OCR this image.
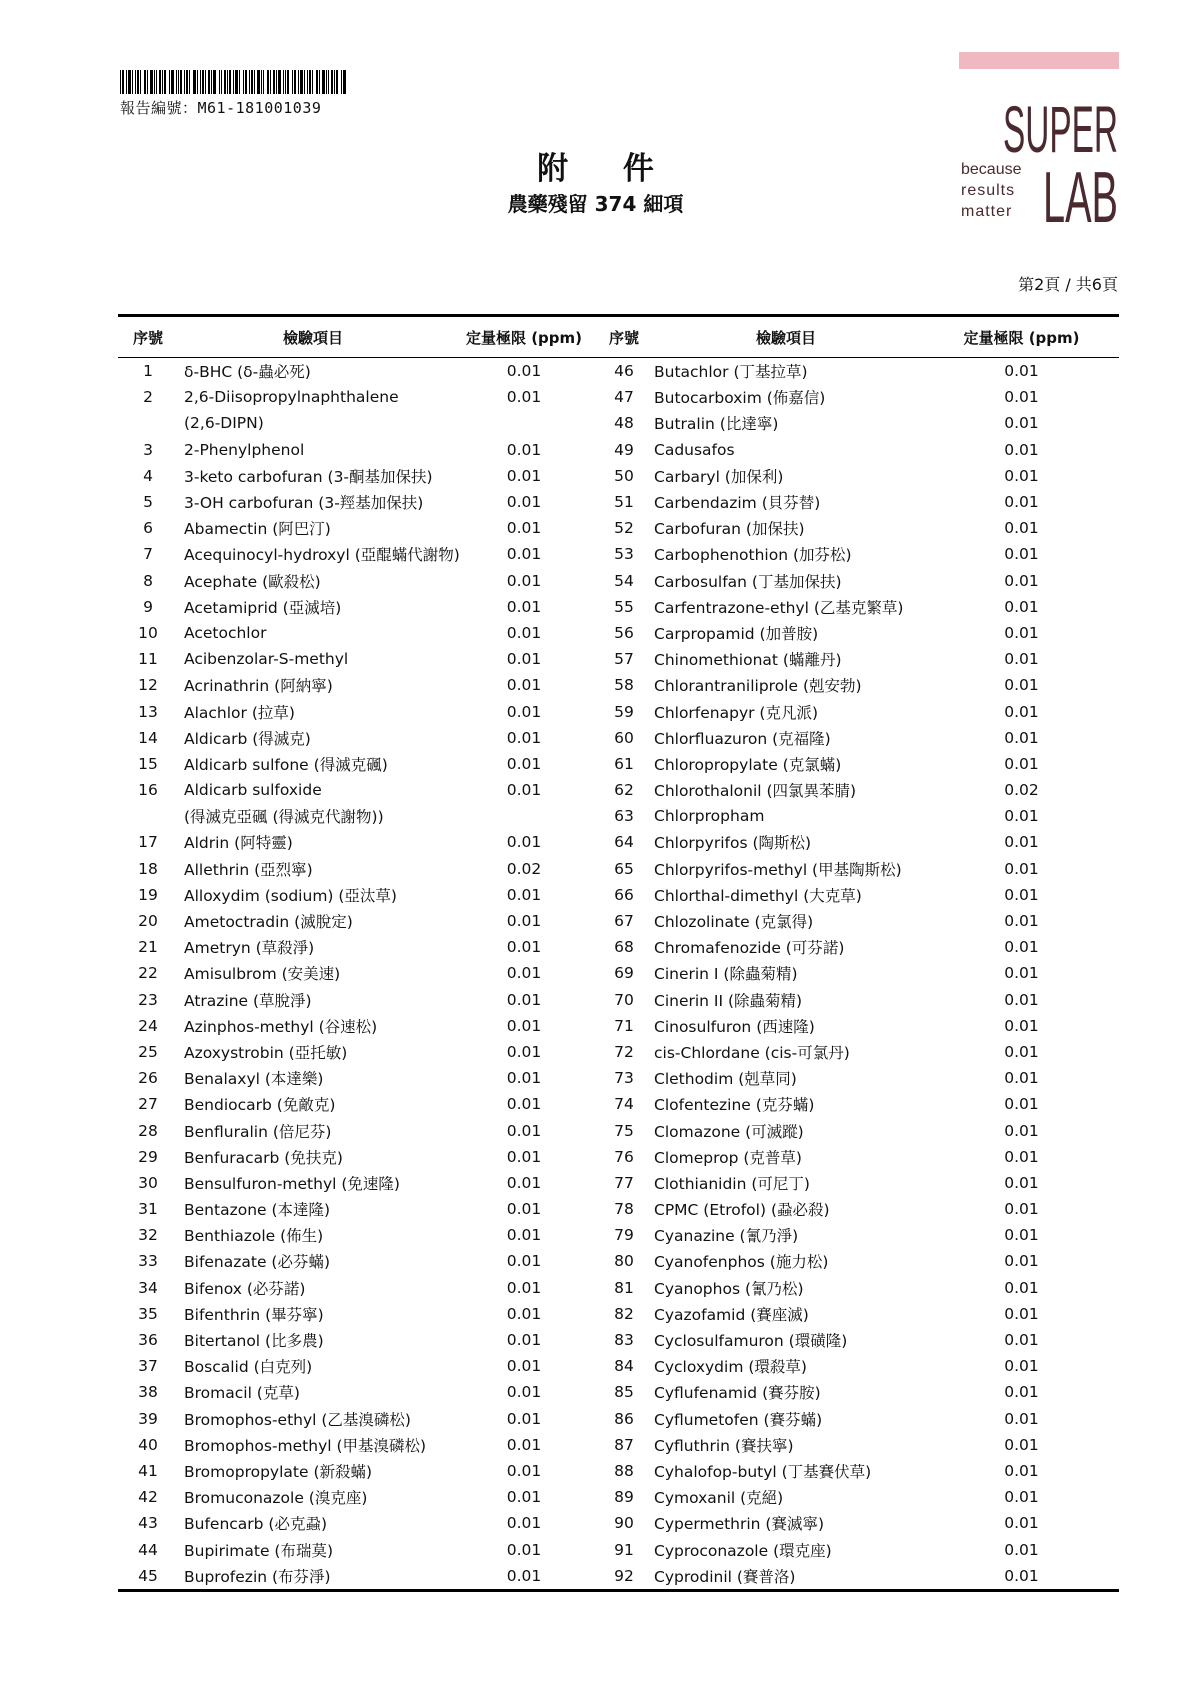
報告編號：M61-181001039
附 件
農藥殘留 374 細項
SUPER
LAB
because
results
matter
第2頁 / 共6頁
序號	檢驗項目	定量極限 (ppm)	序號	檢驗項目	定量極限 (ppm)
1	δ-BHC (δ-蟲必死)	0.01	46	Butachlor (丁基拉草)	0.01
2	2,6-Diisopropylnaphthalene	0.01	47	Butocarboxim (佈嘉信)	0.01
	(2,6-DIPN)		48	Butralin (比達寧)	0.01
3	2-Phenylphenol	0.01	49	Cadusafos	0.01
4	3-keto carbofuran (3-酮基加保扶)	0.01	50	Carbaryl (加保利)	0.01
5	3-OH carbofuran (3-羥基加保扶)	0.01	51	Carbendazim (貝芬替)	0.01
6	Abamectin (阿巴汀)	0.01	52	Carbofuran (加保扶)	0.01
7	Acequinocyl-hydroxyl (亞醌蟎代謝物)	0.01	53	Carbophenothion (加芬松)	0.01
8	Acephate (歐殺松)	0.01	54	Carbosulfan (丁基加保扶)	0.01
9	Acetamiprid (亞滅培)	0.01	55	Carfentrazone-ethyl (乙基克繁草)	0.01
10	Acetochlor	0.01	56	Carpropamid (加普胺)	0.01
11	Acibenzolar-S-methyl	0.01	57	Chinomethionat (蟎離丹)	0.01
12	Acrinathrin (阿納寧)	0.01	58	Chlorantraniliprole (剋安勃)	0.01
13	Alachlor (拉草)	0.01	59	Chlorfenapyr (克凡派)	0.01
14	Aldicarb (得滅克)	0.01	60	Chlorfluazuron (克福隆)	0.01
15	Aldicarb sulfone (得滅克碸)	0.01	61	Chloropropylate (克氯蟎)	0.01
16	Aldicarb sulfoxide	0.01	62	Chlorothalonil (四氯異苯腈)	0.02
	(得滅克亞碸 (得滅克代謝物))		63	Chlorpropham	0.01
17	Aldrin (阿特靈)	0.01	64	Chlorpyrifos (陶斯松)	0.01
18	Allethrin (亞烈寧)	0.02	65	Chlorpyrifos-methyl (甲基陶斯松)	0.01
19	Alloxydim (sodium) (亞汰草)	0.01	66	Chlorthal-dimethyl (大克草)	0.01
20	Ametoctradin (滅脫定)	0.01	67	Chlozolinate (克氯得)	0.01
21	Ametryn (草殺淨)	0.01	68	Chromafenozide (可芬諾)	0.01
22	Amisulbrom (安美速)	0.01	69	Cinerin I (除蟲菊精)	0.01
23	Atrazine (草脫淨)	0.01	70	Cinerin II (除蟲菊精)	0.01
24	Azinphos-methyl (谷速松)	0.01	71	Cinosulfuron (西速隆)	0.01
25	Azoxystrobin (亞托敏)	0.01	72	cis-Chlordane (cis-可氯丹)	0.01
26	Benalaxyl (本達樂)	0.01	73	Clethodim (剋草同)	0.01
27	Bendiocarb (免敵克)	0.01	74	Clofentezine (克芬蟎)	0.01
28	Benfluralin (倍尼芬)	0.01	75	Clomazone (可滅蹤)	0.01
29	Benfuracarb (免扶克)	0.01	76	Clomeprop (克普草)	0.01
30	Bensulfuron-methyl (免速隆)	0.01	77	Clothianidin (可尼丁)	0.01
31	Bentazone (本達隆)	0.01	78	CPMC (Etrofol) (蝨必殺)	0.01
32	Benthiazole (佈生)	0.01	79	Cyanazine (氰乃淨)	0.01
33	Bifenazate (必芬蟎)	0.01	80	Cyanofenphos (施力松)	0.01
34	Bifenox (必芬諾)	0.01	81	Cyanophos (氰乃松)	0.01
35	Bifenthrin (畢芬寧)	0.01	82	Cyazofamid (賽座滅)	0.01
36	Bitertanol (比多農)	0.01	83	Cyclosulfamuron (環磺隆)	0.01
37	Boscalid (白克列)	0.01	84	Cycloxydim (環殺草)	0.01
38	Bromacil (克草)	0.01	85	Cyflufenamid (賽芬胺)	0.01
39	Bromophos-ethyl (乙基溴磷松)	0.01	86	Cyflumetofen (賽芬蟎)	0.01
40	Bromophos-methyl (甲基溴磷松)	0.01	87	Cyfluthrin (賽扶寧)	0.01
41	Bromopropylate (新殺蟎)	0.01	88	Cyhalofop-butyl (丁基賽伏草)	0.01
42	Bromuconazole (溴克座)	0.01	89	Cymoxanil (克絕)	0.01
43	Bufencarb (必克蝨)	0.01	90	Cypermethrin (賽滅寧)	0.01
44	Bupirimate (布瑞莫)	0.01	91	Cyproconazole (環克座)	0.01
45	Buprofezin (布芬淨)	0.01	92	Cyprodinil (賽普洛)	0.01
